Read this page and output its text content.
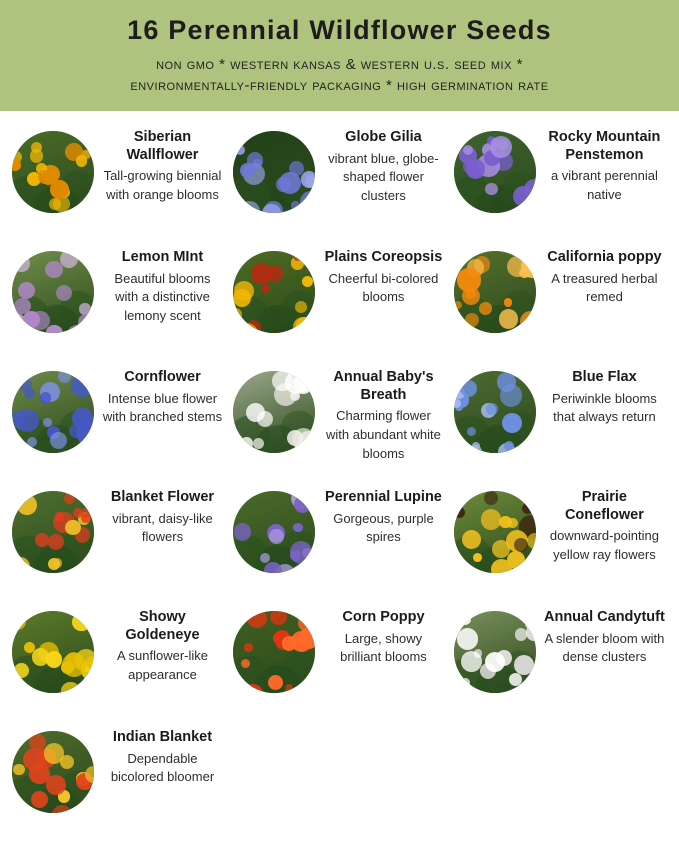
16 Perennial Wildflower Seeds

non gmo * western kansas & western u.s. seed mix *
environmentally-friendly packaging * high germination rate

Siberian Wallflower
Tall-growing biennial with orange blooms
Globe Gilia
vibrant blue, globe-shaped flower clusters
Rocky Mountain Penstemon
a vibrant perennial native
Lemon MInt
Beautiful blooms with a distinctive lemony scent
Plains Coreopsis
Cheerful bi-colored blooms
California poppy
A treasured herbal remed
Cornflower
Intense blue flower with branched stems
Annual Baby's Breath
Charming flower with abundant white blooms
Blue Flax
Periwinkle blooms that always return
Blanket Flower
vibrant, daisy-like flowers
Perennial Lupine
Gorgeous, purple spires
Prairie Coneflower
downward-pointing yellow ray flowers
Showy Goldeneye
A sunflower-like appearance
Corn Poppy
Large, showy brilliant blooms
Annual Candytuft
A slender bloom with dense clusters
Indian Blanket
Dependable bicolored bloomer
